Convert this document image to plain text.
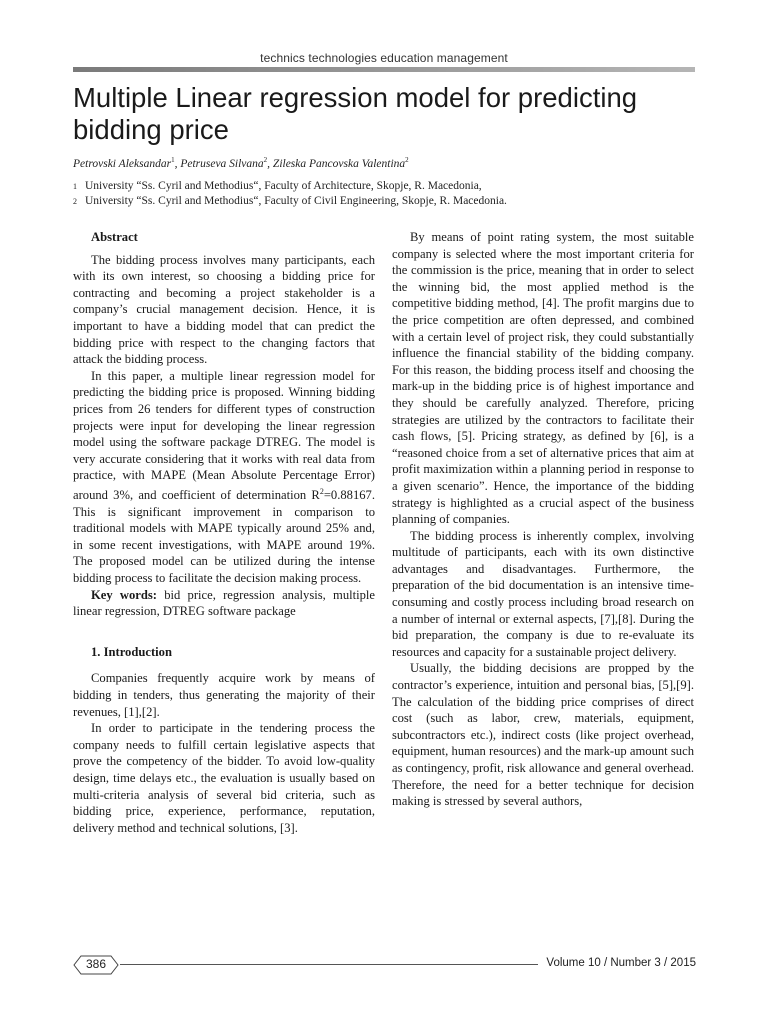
technics technologies education management
Multiple Linear regression model for predicting bidding price
Petrovski Aleksandar$^1$, Petruseva Silvana$^2$, Zileska Pancovska Valentina$^2$
1 University “Ss. Cyril and Methodius“, Faculty of Architecture, Skopje, R. Macedonia,
2 University “Ss. Cyril and Methodius“, Faculty of Civil Engineering, Skopje, R. Macedonia.
Abstract

The bidding process involves many participants, each with its own interest, so choosing a bidding price for contracting and becoming a project stakeholder is a company’s crucial management decision. Hence, it is important to have a bidding model that can predict the bidding price with respect to the changing factors that attack the bidding process.

In this paper, a multiple linear regression model for predicting the bidding price is proposed. Winning bidding prices from 26 tenders for different types of construction projects were input for developing the linear regression model using the software package DTREG. The model is very accurate considering that it works with real data from practice, with MAPE (Mean Absolute Percentage Error) around 3%, and coefficient of determination $R^2=0.88167$. This is significant improvement in comparison to traditional models with MAPE typically around 25% and, in some recent investigations, with MAPE around 19%. The proposed model can be utilized during the intense bidding process to facilitate the decision making process.

Key words: bid price, regression analysis, multiple linear regression, DTREG software package

1. Introduction

Companies frequently acquire work by means of bidding in tenders, thus generating the majority of their revenues, [1],[2].

In order to participate in the tendering process the company needs to fulfill certain legislative aspects that prove the competency of the bidder. To avoid low-quality design, time delays etc., the evaluation is usually based on multi-criteria analysis of several bid criteria, such as bidding price, experience, performance, reputation, delivery method and technical solutions, [3].

By means of point rating system, the most suitable company is selected where the most important criteria for the commission is the price, meaning that in order to select the winning bid, the most applied method is the competitive bidding method, [4]. The profit margins due to the price competition are often depressed, and combined with a certain level of project risk, they could substantially influence the financial stability of the bidding company. For this reason, the bidding process itself and choosing the mark-up in the bidding price is of highest importance and they should be carefully analyzed. Therefore, pricing strategies are utilized by the contractors to facilitate their cash flows, [5]. Pricing strategy, as defined by [6], is a “reasoned choice from a set of alternative prices that aim at profit maximization within a planning period in response to a given scenario”. Hence, the importance of the bidding strategy is highlighted as a crucial aspect of the business planning of companies.

The bidding process is inherently complex, involving multitude of participants, each with its own distinctive advantages and disadvantages. Furthermore, the preparation of the bid documentation is an intensive time-consuming and costly process including broad research on a number of internal or external aspects, [7],[8]. During the bid preparation, the company is due to re-evaluate its resources and capacity for a sustainable project delivery.

Usually, the bidding decisions are propped by the contractor’s experience, intuition and personal bias, [5],[9]. The calculation of the bidding price comprises of direct cost (such as labor, crew, materials, equipment, subcontractors etc.), indirect costs (like project overhead, equipment, human resources) and the mark-up amount such as contingency, profit, risk allowance and general overhead. Therefore, the need for a better technique for decision making is stressed by several authors,

386	Volume 10 / Number 3 / 2015
